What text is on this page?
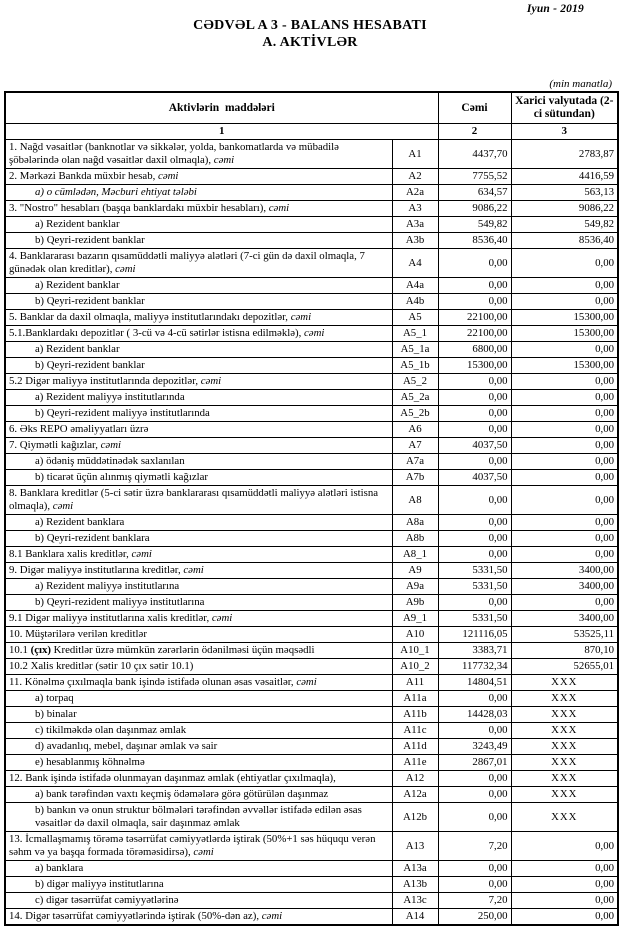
Iyun - 2019
CƏDVƏL A 3 - BALANS HESABATI
A. AKTİVLƏR
(min manatla)
Aktivlərin  maddələri		Cəmi	Xarici valyutada (2-ci sütundan)
1		2	3
1. Nağd vəsaitlər (banknotlar və sikkələr, yolda, bankomatlarda və mübadilə şöbələrində olan nağd vəsaitlər daxil olmaqla), cəmi	A1	4437,70	2783,87
2. Mərkəzi Bankda müxbir hesab, cəmi	A2	7755,52	4416,59
a) o cümlədən, Məcburi ehtiyat tələbi	A2a	634,57	563,13
3. "Nostro" hesabları (başqa banklardakı müxbir hesabları), cəmi	A3	9086,22	9086,22
a) Rezident banklar	A3a	549,82	549,82
b) Qeyri-rezident banklar	A3b	8536,40	8536,40
4. Banklararası bazarın qısamüddətli maliyyə alətləri (7-ci gün də daxil olmaqla, 7 günədək olan kreditlər), cəmi	A4	0,00	0,00
a) Rezident banklar	A4a	0,00	0,00
b) Qeyri-rezident banklar	A4b	0,00	0,00
5. Banklar da daxil olmaqla, maliyyə institutlarındakı depozitlər, cəmi	A5	22100,00	15300,00
5.1.Banklardakı depozitlər ( 3-cü və 4-cü sətirlər istisna edilməklə), cəmi	A5_1	22100,00	15300,00
a) Rezident banklar	A5_1a	6800,00	0,00
b) Qeyri-rezident banklar	A5_1b	15300,00	15300,00
5.2 Digər maliyyə institutlarında depozitlər, cəmi	A5_2	0,00	0,00
a) Rezident maliyyə institutlarında	A5_2a	0,00	0,00
b) Qeyri-rezident maliyyə institutlarında	A5_2b	0,00	0,00
6. Əks REPO əməliyyatları üzrə	A6	0,00	0,00
7. Qiymətli kağızlar, cəmi	A7	4037,50	0,00
a) ödəniş müddətinədək saxlanılan	A7a	0,00	0,00
b) ticarət üçün alınmış qiymətli kağızlar	A7b	4037,50	0,00
8. Banklara kreditlər (5-ci sətir üzrə banklararası qısamüddətli maliyyə alətləri istisna olmaqla), cəmi	A8	0,00	0,00
a) Rezident banklara	A8a	0,00	0,00
b) Qeyri-rezident banklara	A8b	0,00	0,00
8.1 Banklara xalis kreditlər, cəmi	A8_1	0,00	0,00
9. Digər maliyyə institutlarına kreditlər, cəmi	A9	5331,50	3400,00
a) Rezident maliyyə institutlarına	A9a	5331,50	3400,00
b) Qeyri-rezident maliyyə institutlarına	A9b	0,00	0,00
9.1 Digər maliyyə institutlarına xalis kreditlər, cəmi	A9_1	5331,50	3400,00
10. Müştərilərə verilən kreditlər	A10	121116,05	53525,11
10.1 (çıx) Kreditlər üzrə mümkün zərərlərin ödənilməsi üçün məqsədli	A10_1	3383,71	870,10
10.2 Xalis kreditlər (sətir 10 çıx sətir 10.1)	A10_2	117732,34	52655,01
11. Könəlmə çıxılmaqla bank işində istifadə olunan əsas vəsaitlər, cəmi	A11	14804,51	XXX
a) torpaq	A11a	0,00	XXX
b) binalar	A11b	14428,03	XXX
c) tikilməkdə olan daşınmaz əmlak	A11c	0,00	XXX
d) avadanlıq, mebel, daşınar əmlak və sair	A11d	3243,49	XXX
e) hesablanmış köhnəlmə	A11e	2867,01	XXX
12. Bank işində istifadə olunmayan daşınmaz əmlak (ehtiyatlar çıxılmaqla),	A12	0,00	XXX
a) bank tərəfindən vaxtı keçmiş ödəmələrə görə götürülən daşınmaz	A12a	0,00	XXX
b) bankın və onun struktur bölmələri tərəfindən əvvəllər istifadə edilən əsas vəsaitlər də daxil olmaqla, sair daşınmaz əmlak	A12b	0,00	XXX
13. İcmallaşmamış törəmə təsərrüfat cəmiyyətlərdə iştirak (50%+1 səs hüququ verən səhm və ya başqa formada törəməsidirsə), cəmi	A13	7,20	0,00
a) banklara	A13a	0,00	0,00
b) digər maliyyə institutlarına	A13b	0,00	0,00
c) digər təsərrüfat cəmiyyətlərinə	A13c	7,20	0,00
14. Digər təsərrüfat cəmiyyətlərində iştirak (50%-dən az), cəmi	A14	250,00	0,00
